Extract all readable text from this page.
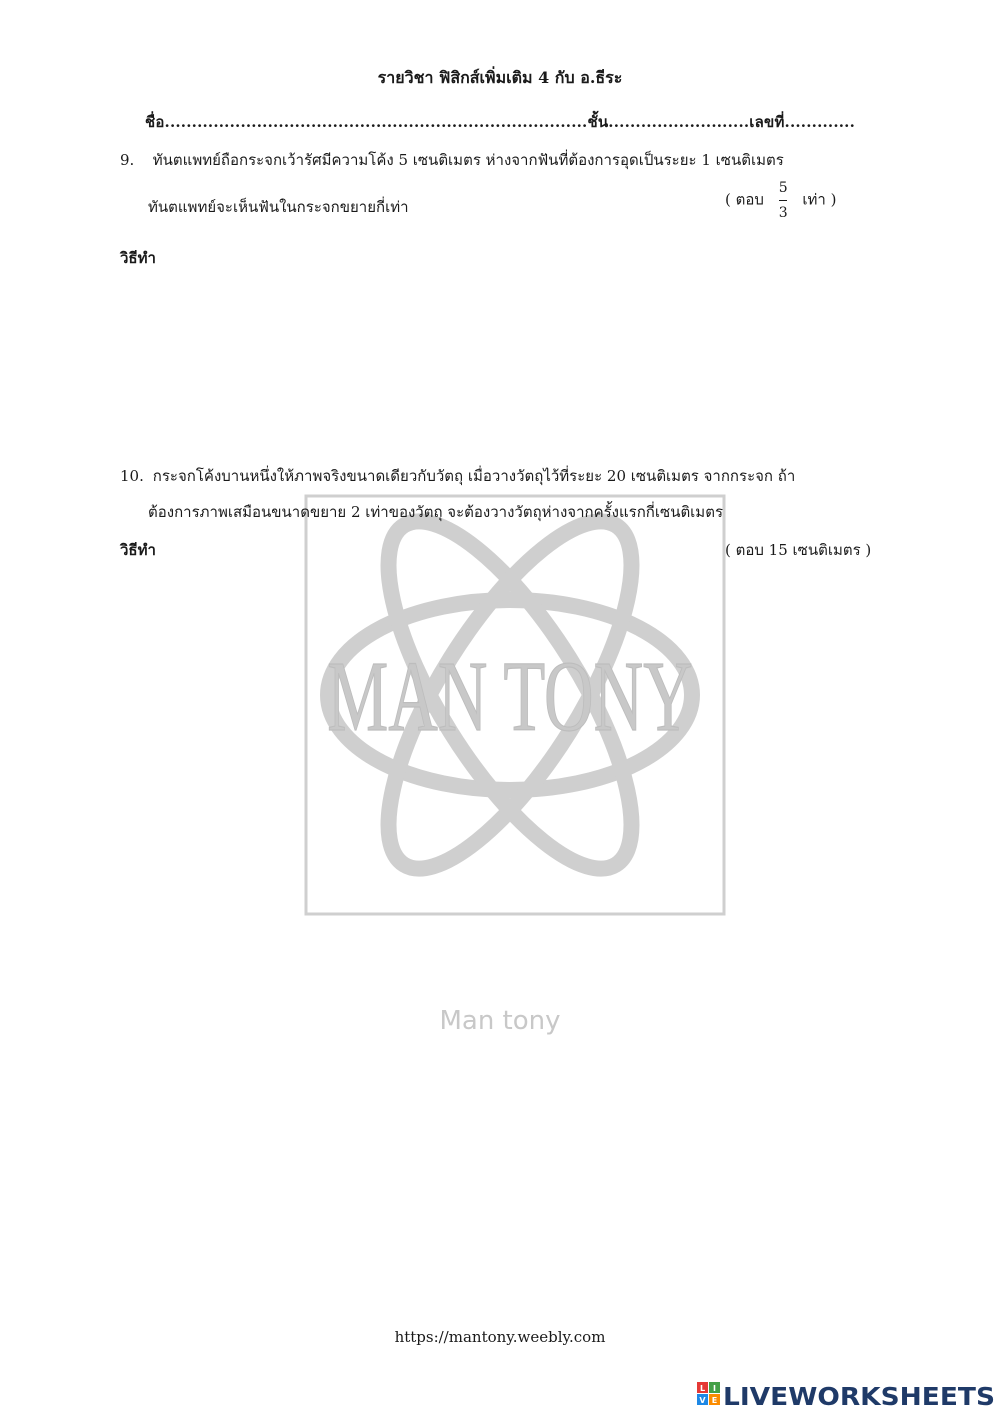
MAN TONY
Man tony
รายวิชา ฟิสิกส์เพิ่มเติม 4 กับ อ.ธีระ
ชื่อ..............................................................................ชั้น..........................เลขที่.............
9. ทันตแพทย์ถือกระจกเว้ารัศมีความโค้ง 5 เซนติเมตร ห่างจากฟันที่ต้องการอุดเป็นระยะ 1 เซนติเมตร
ทันตแพทย์จะเห็นฟันในกระจกขยายกี่เท่า	( ตอบ $\frac{5}{3}$ เท่า )
วิธีทำ
10. กระจกโค้งบานหนึ่งให้ภาพจริงขนาดเดียวกับวัตถุ เมื่อวางวัตถุไว้ที่ระยะ 20 เซนติเมตร จากกระจก ถ้า
ต้องการภาพเสมือนขนาดขยาย 2 เท่าของวัตถุ จะต้องวางวัตถุห่างจากครั้งแรกกี่เซนติเมตร
วิธีทำ	( ตอบ 15 เซนติเมตร )
https://mantony.weebly.com
L I
V E LIVEWORKSHEETS
